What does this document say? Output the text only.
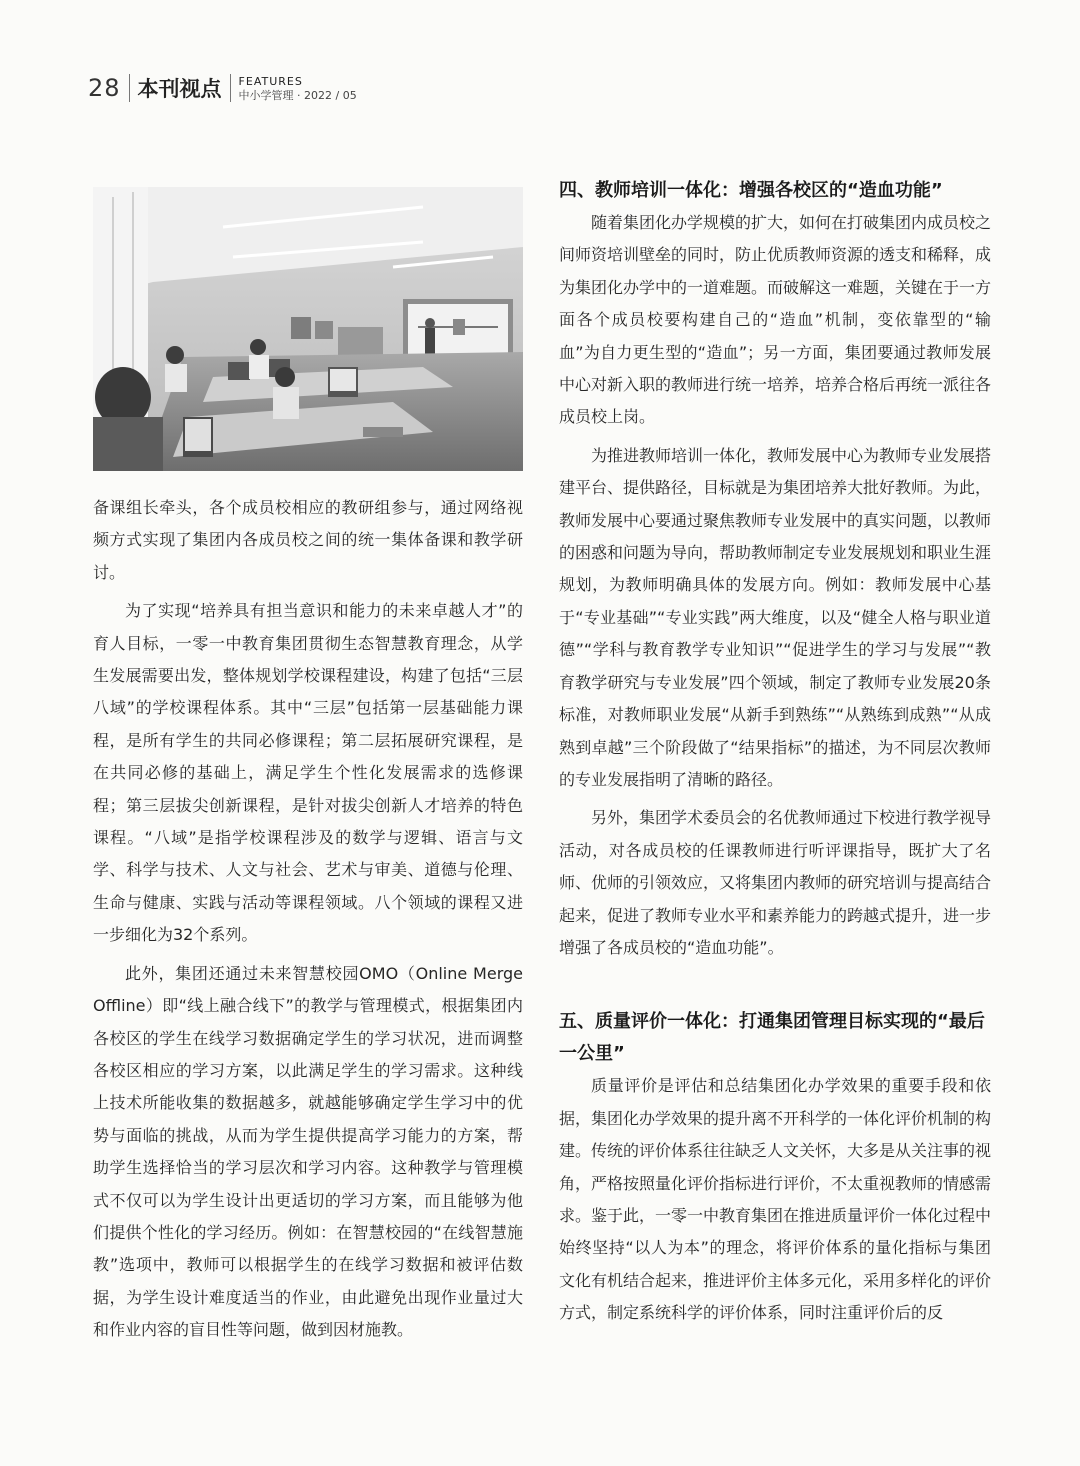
28 本刊视点 FEATURES
中小学管理 · 2022 / 05

备课组长牵头，各个成员校相应的教研组参与，通过网络视频方式实现了集团内各成员校之间的统一集体备课和教学研讨。

为了实现“培养具有担当意识和能力的未来卓越人才”的育人目标，一零一中教育集团贯彻生态智慧教育理念，从学生发展需要出发，整体规划学校课程建设，构建了包括“三层八域”的学校课程体系。其中“三层”包括第一层基础能力课程，是所有学生的共同必修课程；第二层拓展研究课程，是在共同必修的基础上，满足学生个性化发展需求的选修课程；第三层拔尖创新课程，是针对拔尖创新人才培养的特色课程。“八域”是指学校课程涉及的数学与逻辑、语言与文学、科学与技术、人文与社会、艺术与审美、道德与伦理、生命与健康、实践与活动等课程领域。八个领域的课程又进一步细化为32个系列。

此外，集团还通过未来智慧校园OMO（Online Merge Offline）即“线上融合线下”的教学与管理模式，根据集团内各校区的学生在线学习数据确定学生的学习状况，进而调整各校区相应的学习方案，以此满足学生的学习需求。这种线上技术所能收集的数据越多，就越能够确定学生学习中的优势与面临的挑战，从而为学生提供提高学习能力的方案，帮助学生选择恰当的学习层次和学习内容。这种教学与管理模式不仅可以为学生设计出更适切的学习方案，而且能够为他们提供个性化的学习经历。例如：在智慧校园的“在线智慧施教”选项中，教师可以根据学生的在线学习数据和被评估数据，为学生设计难度适当的作业，由此避免出现作业量过大和作业内容的盲目性等问题，做到因材施教。

四、教师培训一体化：增强各校区的“造血功能”

随着集团化办学规模的扩大，如何在打破集团内成员校之间师资培训壁垒的同时，防止优质教师资源的透支和稀释，成为集团化办学中的一道难题。而破解这一难题，关键在于一方面各个成员校要构建自己的“造血”机制，变依靠型的“输血”为自力更生型的“造血”；另一方面，集团要通过教师发展中心对新入职的教师进行统一培养，培养合格后再统一派往各成员校上岗。

为推进教师培训一体化，教师发展中心为教师专业发展搭建平台、提供路径，目标就是为集团培养大批好教师。为此，教师发展中心要通过聚焦教师专业发展中的真实问题，以教师的困惑和问题为导向，帮助教师制定专业发展规划和职业生涯规划，为教师明确具体的发展方向。例如：教师发展中心基于“专业基础”“专业实践”两大维度，以及“健全人格与职业道德”“学科与教育教学专业知识”“促进学生的学习与发展”“教育教学研究与专业发展”四个领域，制定了教师专业发展20条标准，对教师职业发展“从新手到熟练”“从熟练到成熟”“从成熟到卓越”三个阶段做了“结果指标”的描述，为不同层次教师的专业发展指明了清晰的路径。

另外，集团学术委员会的名优教师通过下校进行教学视导活动，对各成员校的任课教师进行听评课指导，既扩大了名师、优师的引领效应，又将集团内教师的研究培训与提高结合起来，促进了教师专业水平和素养能力的跨越式提升，进一步增强了各成员校的“造血功能”。

五、质量评价一体化：打通集团管理目标实现的“最后一公里”

质量评价是评估和总结集团化办学效果的重要手段和依据，集团化办学效果的提升离不开科学的一体化评价机制的构建。传统的评价体系往往缺乏人文关怀，大多是从关注事的视角，严格按照量化评价指标进行评价，不太重视教师的情感需求。鉴于此，一零一中教育集团在推进质量评价一体化过程中始终坚持“以人为本”的理念，将评价体系的量化指标与集团文化有机结合起来，推进评价主体多元化，采用多样化的评价方式，制定系统科学的评价体系，同时注重评价后的反
